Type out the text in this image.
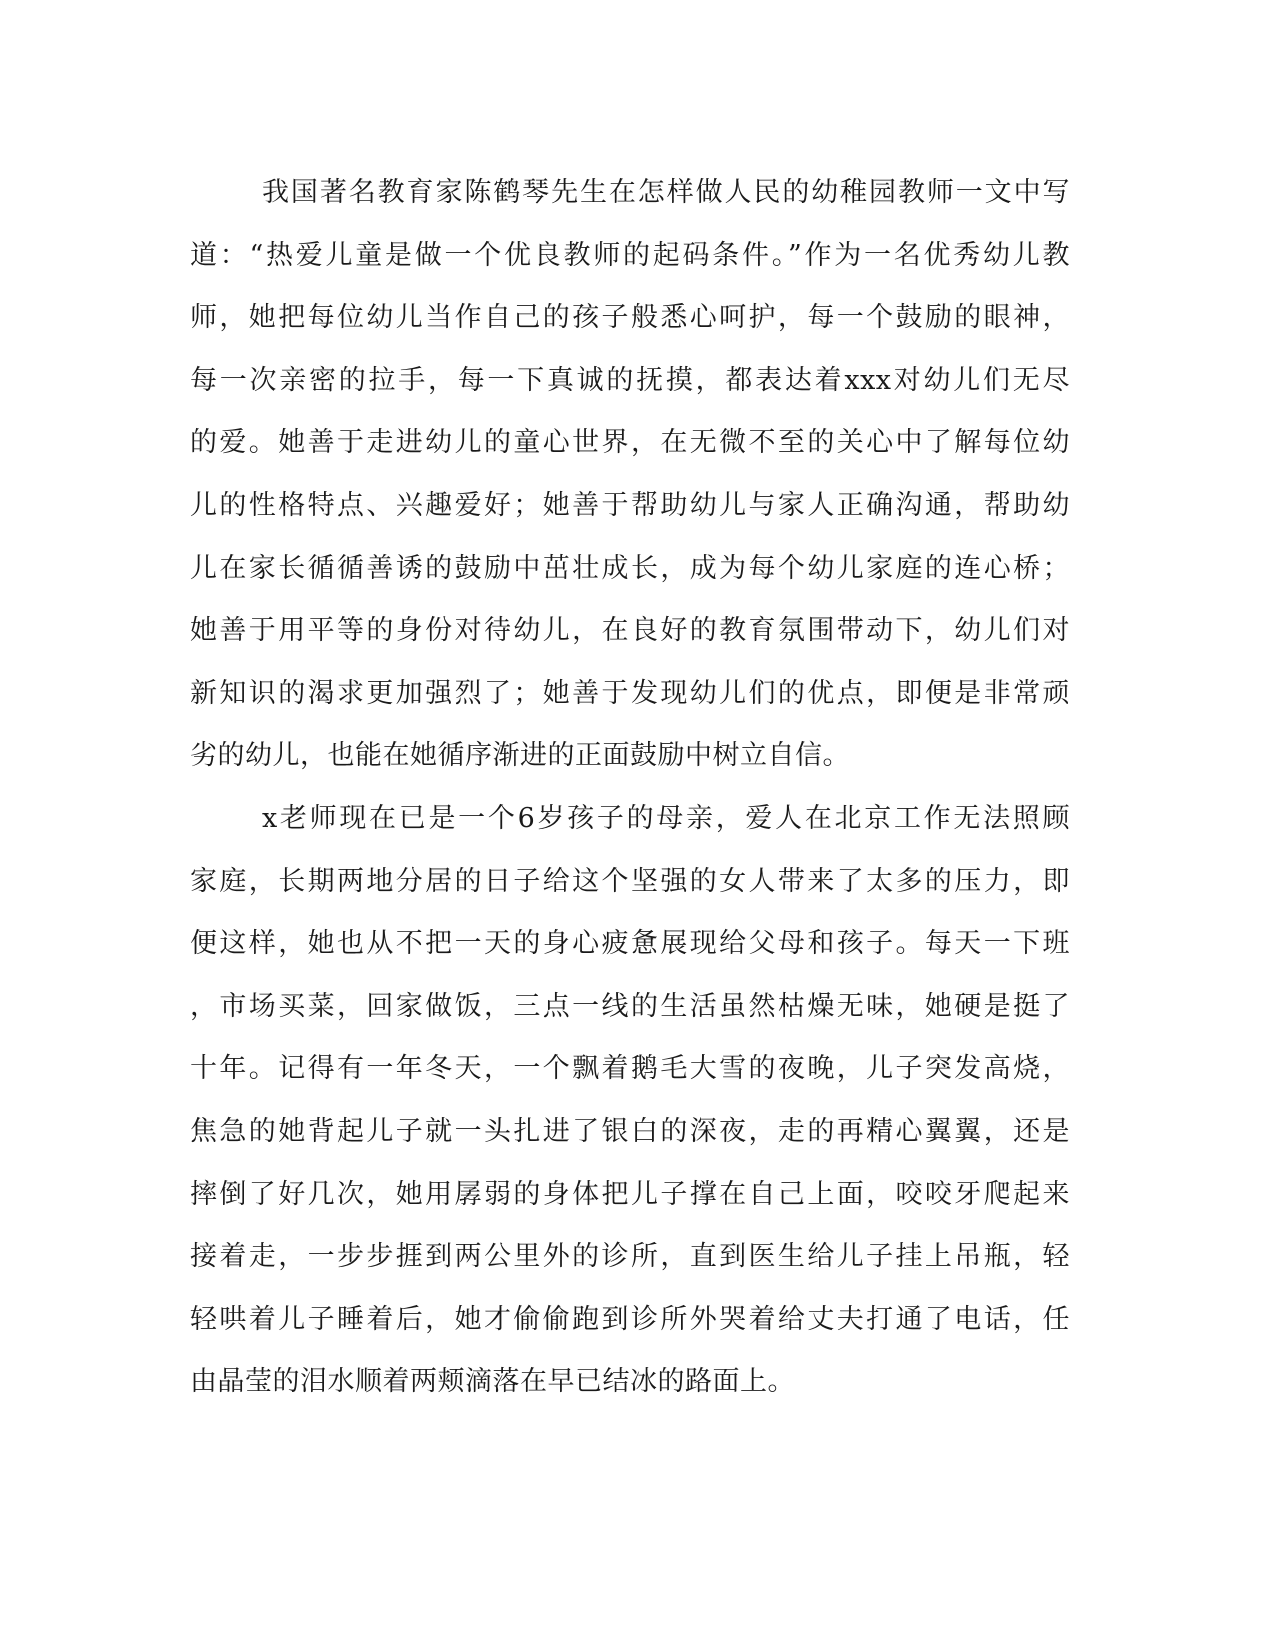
我国著名教育家陈鹤琴先生在怎样做人民的幼稚园教师一文中写
道：“热爱儿童是做一个优良教师的起码条件。”作为一名优秀幼儿教
师，她把每位幼儿当作自己的孩子般悉心呵护，每一个鼓励的眼神，
每一次亲密的拉手，每一下真诚的抚摸，都表达着xxx对幼儿们无尽
的爱。她善于走进幼儿的童心世界，在无微不至的关心中了解每位幼
儿的性格特点、兴趣爱好；她善于帮助幼儿与家人正确沟通，帮助幼
儿在家长循循善诱的鼓励中茁壮成长，成为每个幼儿家庭的连心桥；
她善于用平等的身份对待幼儿，在良好的教育氛围带动下，幼儿们对
新知识的渴求更加强烈了；她善于发现幼儿们的优点，即便是非常顽
劣的幼儿，也能在她循序渐进的正面鼓励中树立自信。
x老师现在已是一个6岁孩子的母亲，爱人在北京工作无法照顾
家庭，长期两地分居的日子给这个坚强的女人带来了太多的压力，即
便这样，她也从不把一天的身心疲惫展现给父母和孩子。每天一下班
，市场买菜，回家做饭，三点一线的生活虽然枯燥无味，她硬是挺了
十年。记得有一年冬天，一个飘着鹅毛大雪的夜晚，儿子突发高烧，
焦急的她背起儿子就一头扎进了银白的深夜，走的再精心翼翼，还是
摔倒了好几次，她用孱弱的身体把儿子撑在自己上面，咬咬牙爬起来
接着走，一步步捱到两公里外的诊所，直到医生给儿子挂上吊瓶，轻
轻哄着儿子睡着后，她才偷偷跑到诊所外哭着给丈夫打通了电话，任
由晶莹的泪水顺着两颊滴落在早已结冰的路面上。
